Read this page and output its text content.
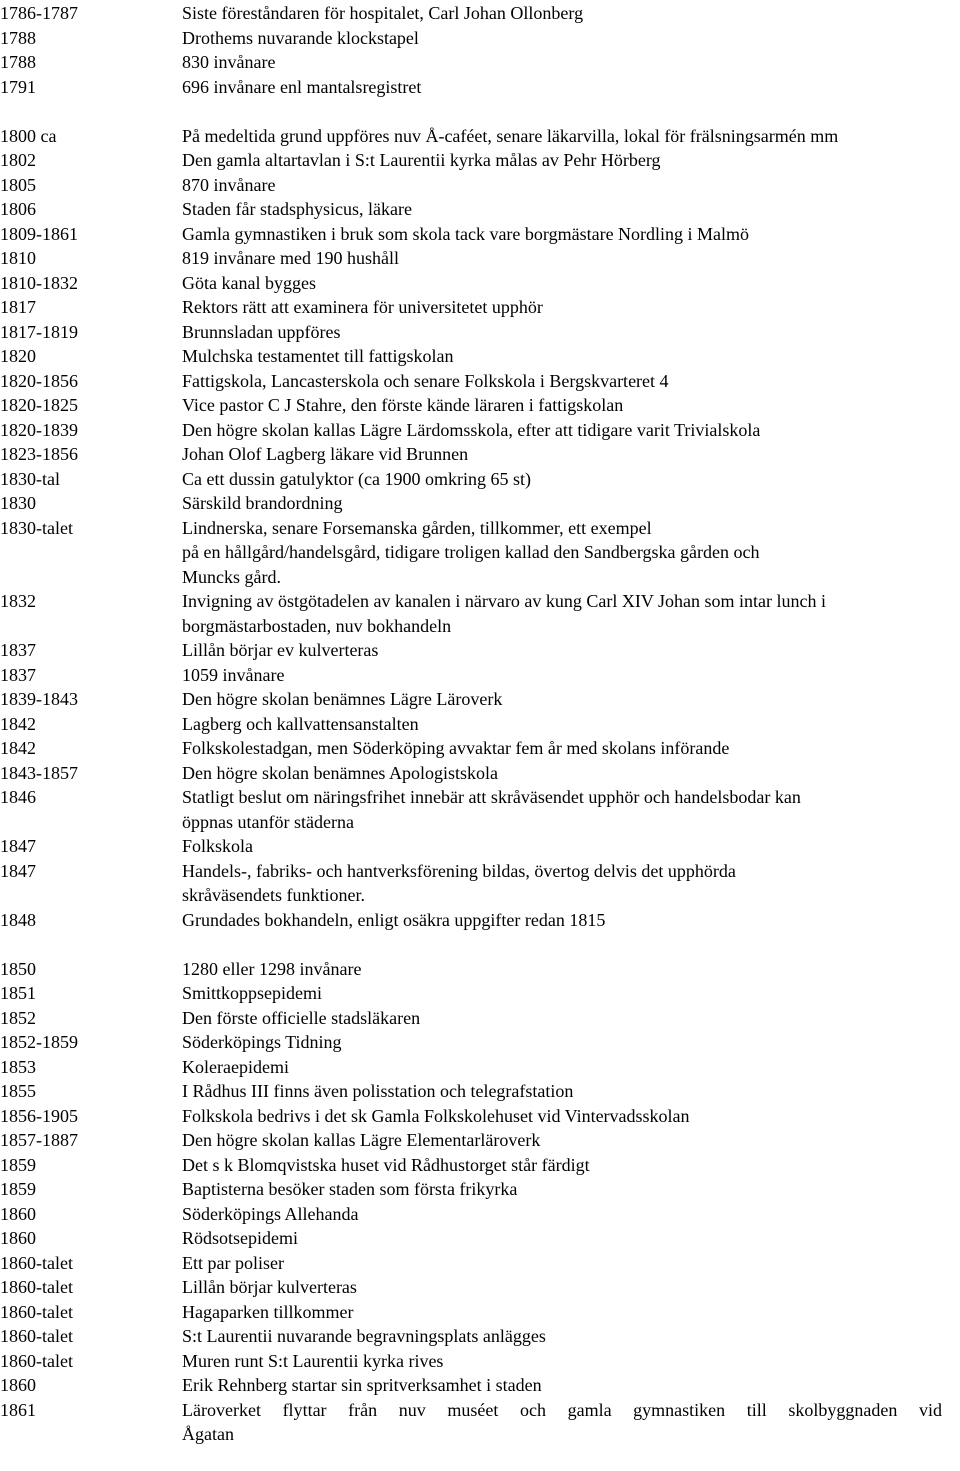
1786-1787	Siste föreståndaren för hospitalet, Carl Johan Ollonberg
1788	Drothems nuvarande klockstapel
1788	830 invånare
1791	696 invånare enl mantalsregistret
1800 ca	På medeltida grund uppföres nuv Å-caféet, senare läkarvilla, lokal för frälsningsarmén mm
1802	Den gamla altartavlan i S:t Laurentii kyrka målas av Pehr Hörberg
1805	870 invånare
1806	Staden får stadsphysicus, läkare
1809-1861	Gamla gymnastiken i bruk som skola tack vare borgmästare Nordling i Malmö
1810	819 invånare med 190 hushåll
1810-1832	Göta kanal bygges
1817	Rektors rätt att examinera för universitetet upphör
1817-1819	Brunnsladan uppföres
1820	Mulchska testamentet till fattigskolan
1820-1856	Fattigskola, Lancasterskola och senare Folkskola i Bergskvarteret 4
1820-1825	Vice pastor C J Stahre, den förste kände läraren i fattigskolan
1820-1839	Den högre skolan kallas Lägre Lärdomsskola, efter att tidigare varit Trivialskola
1823-1856	Johan Olof Lagberg läkare vid Brunnen
1830-tal	Ca ett dussin gatulyktor (ca 1900 omkring 65 st)
1830	Särskild brandordning
1830-talet	Lindnerska, senare Forsemanska gården, tillkommer, ett exempel
på en hållgård/handelsgård, tidigare troligen kallad den Sandbergska gården och
Muncks gård.
1832	Invigning av östgötadelen av kanalen i närvaro av kung Carl XIV Johan som intar lunch i
borgmästarbostaden, nuv bokhandeln
1837	Lillån börjar ev kulverteras
1837	1059 invånare
1839-1843	Den högre skolan benämnes Lägre Läroverk
1842	Lagberg och kallvattensanstalten
1842	Folkskolestadgan, men Söderköping avvaktar fem år med skolans införande
1843-1857	Den högre skolan benämnes Apologistskola
1846	Statligt beslut om näringsfrihet innebär att skråväsendet upphör och handelsbodar kan
öppnas utanför städerna
1847	Folkskola
1847	Handels-, fabriks- och hantverksförening bildas, övertog delvis det upphörda
skråväsendets funktioner.
1848	Grundades bokhandeln, enligt osäkra uppgifter redan 1815
1850	1280 eller 1298 invånare
1851	Smittkoppsepidemi
1852	Den förste officielle stadsläkaren
1852-1859	Söderköpings Tidning
1853	Koleraepidemi
1855	I Rådhus III finns även polisstation och telegrafstation
1856-1905	Folkskola bedrivs i det sk Gamla Folkskolehuset vid Vintervadsskolan
1857-1887	Den högre skolan kallas Lägre Elementarläroverk
1859	Det s k Blomqvistska huset vid Rådhustorget står färdigt
1859	Baptisterna besöker staden som första frikyrka
1860	Söderköpings Allehanda
1860	Rödsotsepidemi
1860-talet	Ett par poliser
1860-talet	Lillån börjar kulverteras
1860-talet	Hagaparken tillkommer
1860-talet	S:t Laurentii nuvarande begravningsplats anlägges
1860-talet	Muren runt S:t Laurentii kyrka rives
1860	Erik Rehnberg startar sin spritverksamhet i staden
1861	Läroverket flyttar från nuv muséet och gamla gymnastiken till skolbyggnaden vid
Ågatan
